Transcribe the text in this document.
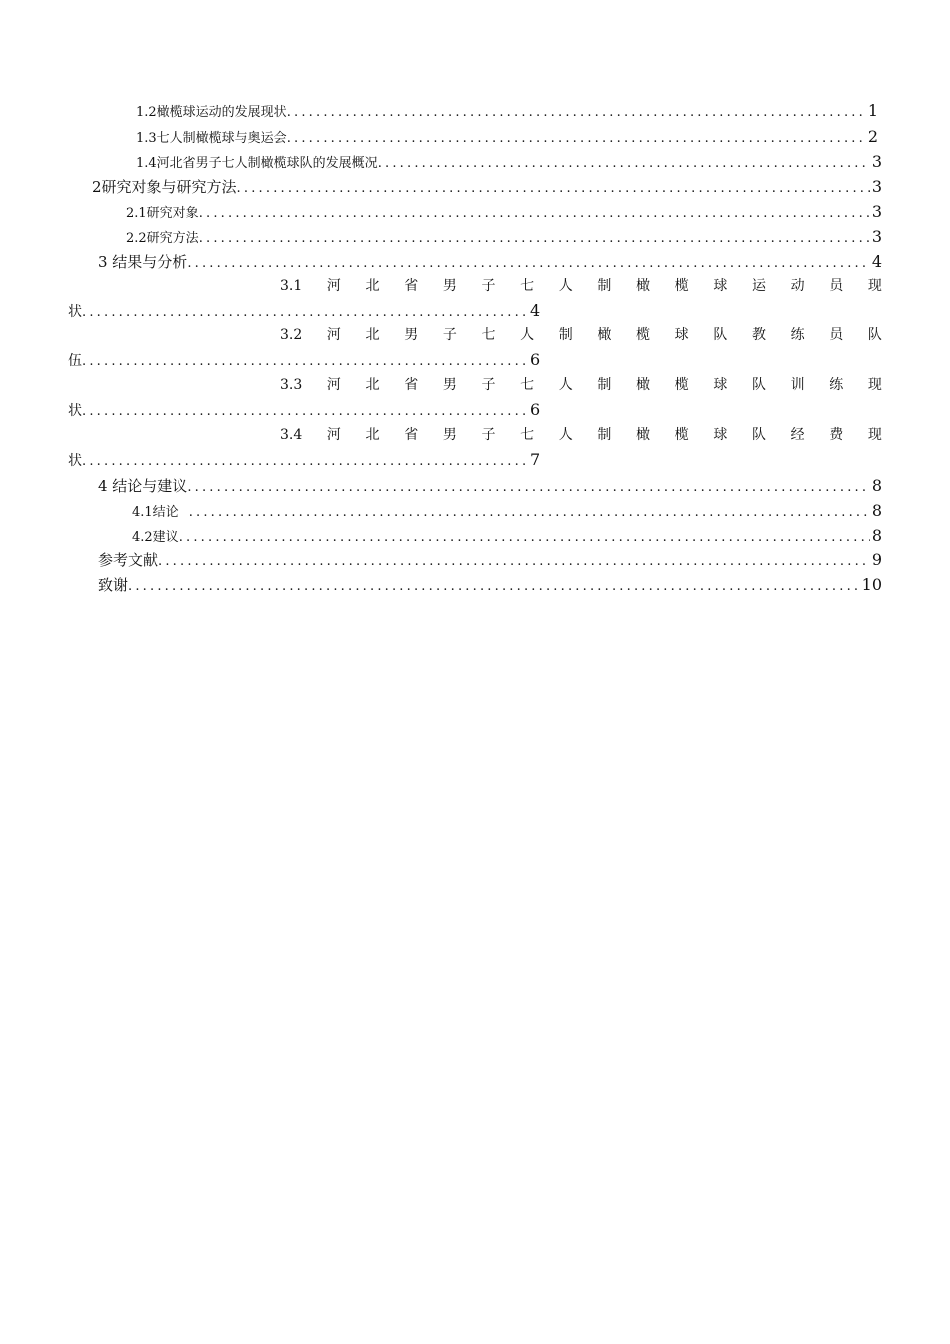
1.2橄榄球运动的发展现状 .....	1
1.3七人制橄榄球与奥运会 .....	2
1.4河北省男子七人制橄榄球队的发展概况 .....	3
2研究对象与研究方法 .....	3
2.1研究对象 .....	3
2.2研究方法 .....	3
3 结果与分析 .....	4
3.1 河 北 省 男 子 七 人 制 橄 榄 球 运 动 员 现
状 .....	4
3.2 河 北 男 子 七 人 制 橄 榄 球 队 教 练 员 队
伍 .....	6
3.3 河 北 省 男 子 七 人 制 橄 榄 球 队 训 练 现
状 .....	6
3.4 河 北 省 男 子 七 人 制 橄 榄 球 队 经 费 现
状 .....	7
4 结论与建议 .....	8
4.1结论 .....	8
4.2建议 .....	8
参考文献 .....	9
致谢 .....	10
